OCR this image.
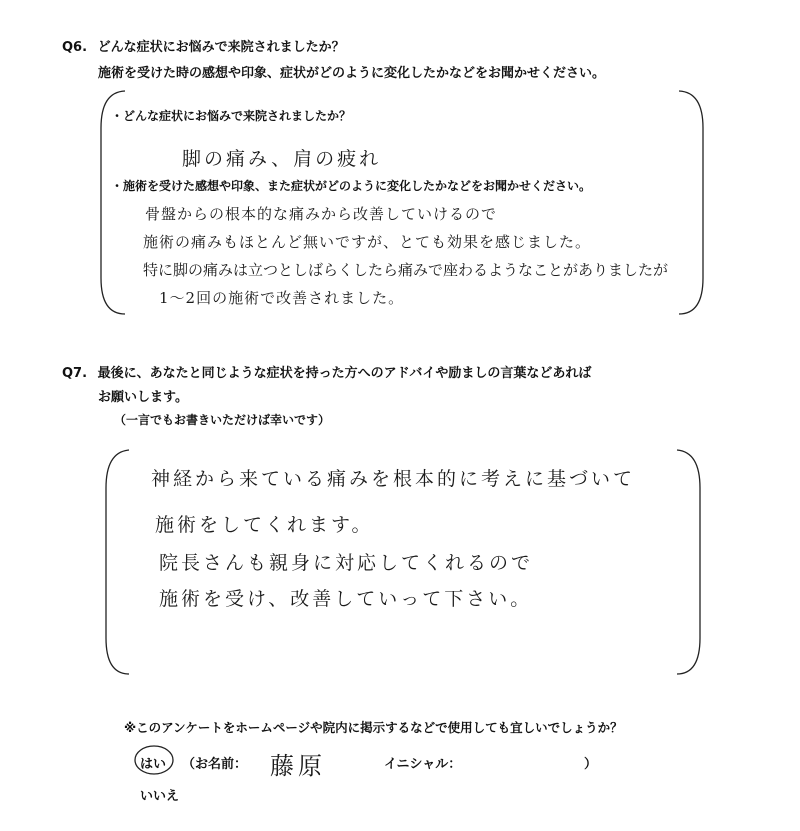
Q6. どんな症状にお悩みで来院されましたか？
施術を受けた時の感想や印象、症状がどのように変化したかなどをお聞かせください。
・どんな症状にお悩みで来院されましたか？
脚の痛み、肩の疲れ
・施術を受けた感想や印象、また症状がどのように変化したかなどをお聞かせください。
骨盤からの根本的な痛みから改善していけるので
施術の痛みもほとんど無いですが、とても効果を感じました。
特に脚の痛みは立つとしばらくしたら痛みで座わるようなことがありましたが
1～2回の施術で改善されました。
Q7. 最後に、あなたと同じような症状を持った方へのアドバイや励ましの言葉などあれば
お願いします。
（一言でもお書きいただけば幸いです）
神経から来ている痛みを根本的に考えに基づいて
施術をしてくれます。
院長さんも親身に対応してくれるので
施術を受け、改善していって下さい。
※このアンケートをホームページや院内に掲示するなどで使用しても宜しいでしょうか？
はい （お名前： 藤原	イニシャル：	）
いいえ
